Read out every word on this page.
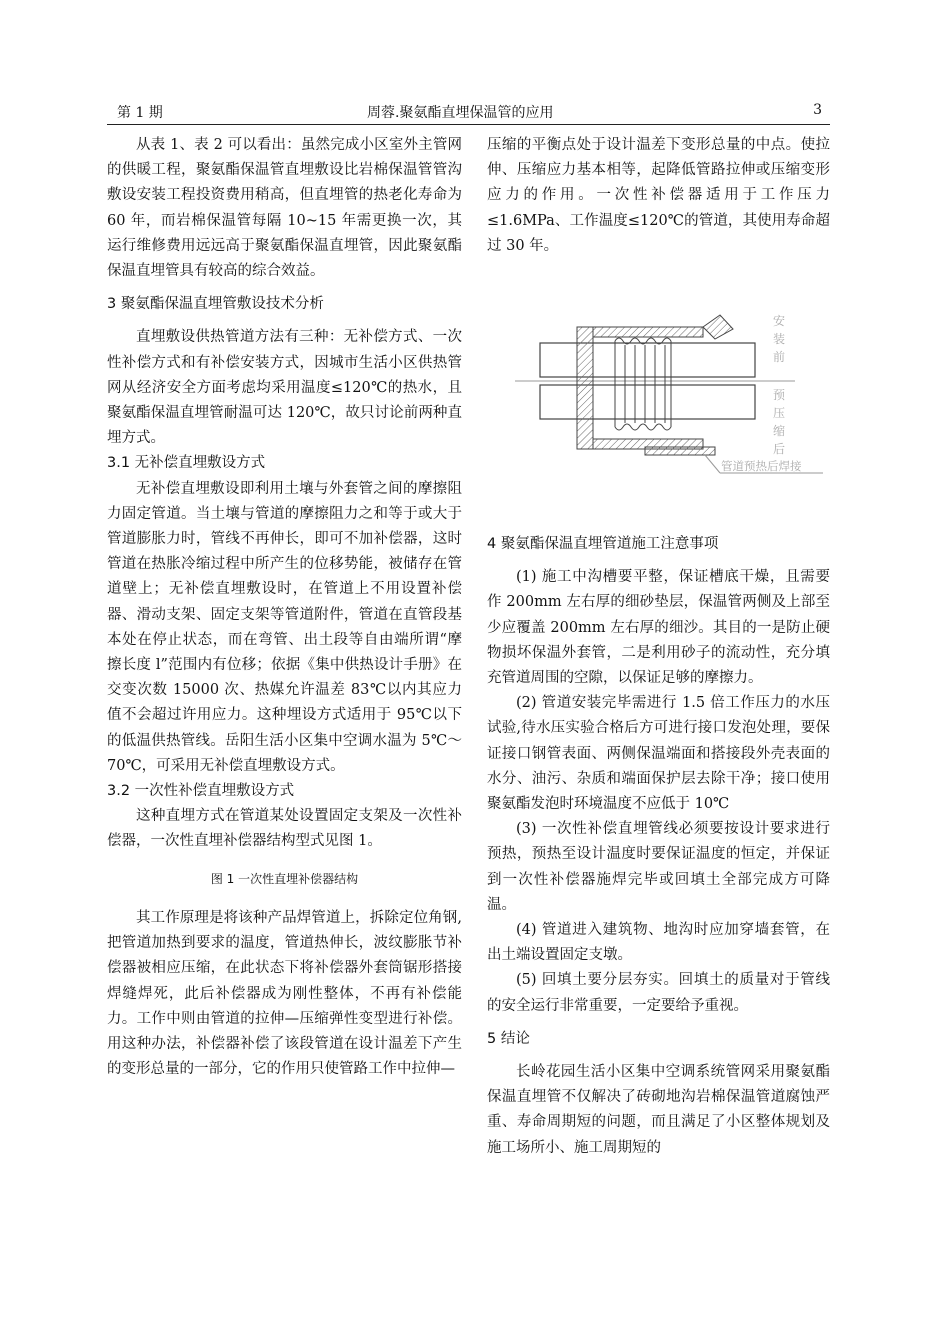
第 1 期	周蓉.聚氨酯直埋保温管的应用	3

从表 1、表 2 可以看出：虽然完成小区室外主管网的供暖工程，聚氨酯保温管直埋敷设比岩棉保温管管沟敷设安装工程投资费用稍高，但直埋管的热老化寿命为 60 年，而岩棉保温管每隔 10~15 年需更换一次，其运行维修费用远远高于聚氨酯保温直埋管，因此聚氨酯保温直埋管具有较高的综合效益。

3 聚氨酯保温直埋管敷设技术分析

直埋敷设供热管道方法有三种：无补偿方式、一次性补偿方式和有补偿安装方式，因城市生活小区供热管网从经济安全方面考虑均采用温度≤120℃的热水，且聚氨酯保温直埋管耐温可达 120℃，故只讨论前两种直埋方式。

3.1 无补偿直埋敷设方式

无补偿直埋敷设即利用土壤与外套管之间的摩擦阻力固定管道。当土壤与管道的摩擦阻力之和等于或大于管道膨胀力时，管线不再伸长，即可不加补偿器，这时管道在热胀冷缩过程中所产生的位移势能，被储存在管道壁上；无补偿直埋敷设时，在管道上不用设置补偿器、滑动支架、固定支架等管道附件，管道在直管段基本处在停止状态，而在弯管、出土段等自由端所谓“摩擦长度 l”范围内有位移；依据《集中供热设计手册》在交变次数 15000 次、热媒允许温差 83℃以内其应力值不会超过许用应力。这种埋设方式适用于 95℃以下的低温供热管线。岳阳生活小区集中空调水温为 5℃～70℃，可采用无补偿直埋敷设方式。

3.2 一次性补偿直埋敷设方式

这种直埋方式在管道某处设置固定支架及一次性补偿器，一次性直埋补偿器结构型式见图 1。

图 1 一次性直埋补偿器结构

其工作原理是将该种产品焊管道上，拆除定位角钢,把管道加热到要求的温度，管道热伸长，波纹膨胀节补偿器被相应压缩，在此状态下将补偿器外套筒锯形搭接焊缝焊死，此后补偿器成为刚性整体，不再有补偿能力。工作中则由管道的拉伸—压缩弹性变型进行补偿。用这种办法，补偿器补偿了该段管道在设计温差下产生的变形总量的一部分，它的作用只使管路工作中拉伸—

压缩的平衡点处于设计温差下变形总量的中点。使拉伸、压缩应力基本相等，起降低管路拉伸或压缩变形应力的作用。一次性补偿器适用于工作压力≤1.6MPa、工作温度≤120℃的管道，其使用寿命超过 30 年。

安
装
前
预
压
缩
后
管道预热后焊接

4 聚氨酯保温直埋管道施工注意事项

(1) 施工中沟槽要平整，保证槽底干燥，且需要作 200mm 左右厚的细砂垫层，保温管两侧及上部至少应覆盖 200mm 左右厚的细沙。其目的一是防止硬物损坏保温外套管，二是利用砂子的流动性，充分填充管道周围的空隙，以保证足够的摩擦力。

(2) 管道安装完毕需进行 1.5 倍工作压力的水压试验,待水压实验合格后方可进行接口发泡处理，要保证接口钢管表面、两侧保温端面和搭接段外壳表面的水分、油污、杂质和端面保护层去除干净；接口使用聚氨酯发泡时环境温度不应低于 10℃

(3) 一次性补偿直埋管线必须要按设计要求进行预热，预热至设计温度时要保证温度的恒定，并保证到一次性补偿器施焊完毕或回填土全部完成方可降温。

(4) 管道进入建筑物、地沟时应加穿墙套管，在出土端设置固定支墩。

(5) 回填土要分层夯实。回填土的质量对于管线的安全运行非常重要，一定要给予重视。

5 结论

长岭花园生活小区集中空调系统管网采用聚氨酯保温直埋管不仅解决了砖砌地沟岩棉保温管道腐蚀严重、寿命周期短的问题，而且满足了小区整体规划及施工场所小、施工周期短的
